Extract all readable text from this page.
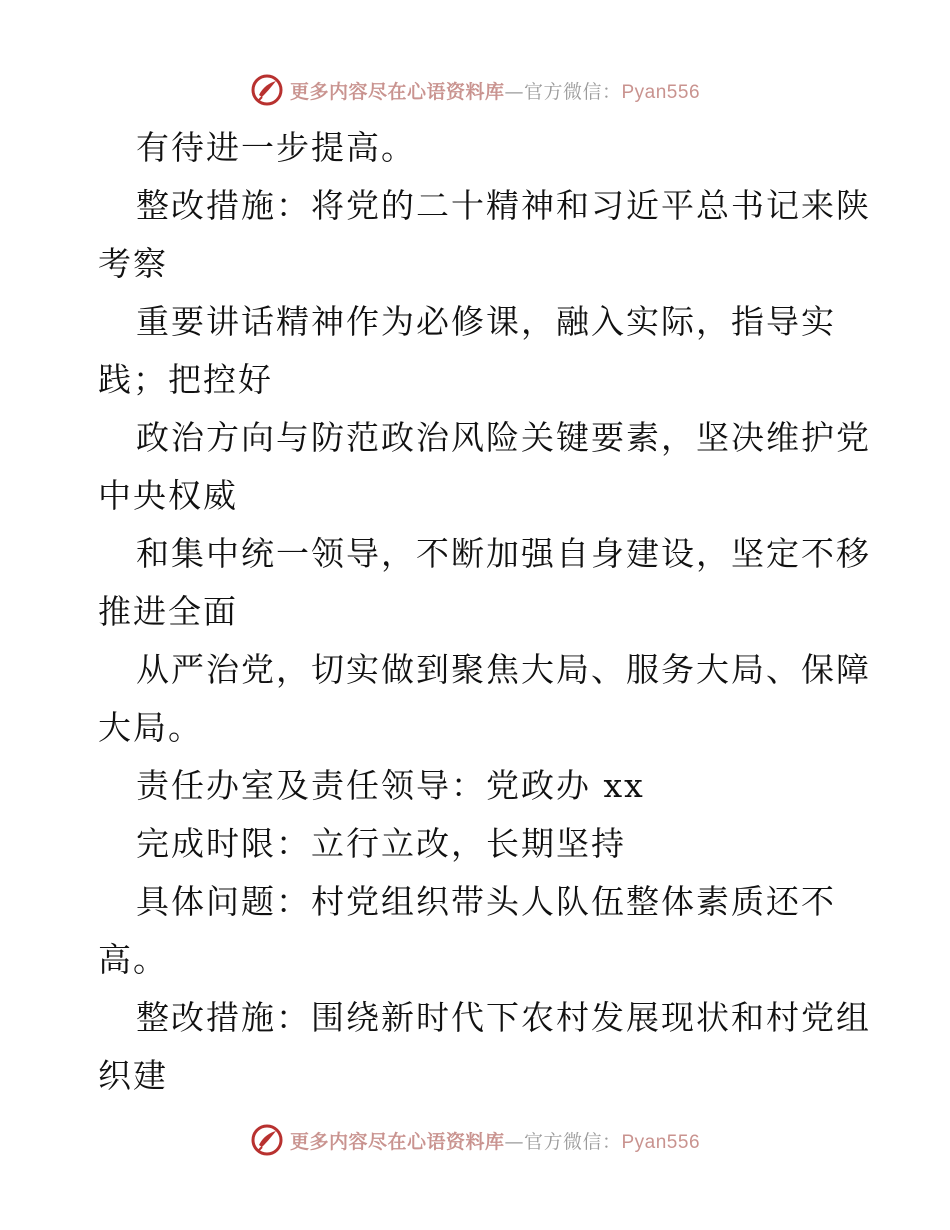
更多内容尽在心语资料库—官方微信：Pyan556
有待进一步提高。
整改措施：将党的二十精神和习近平总书记来陕
考察
重要讲话精神作为必修课，融入实际，指导实
践；把控好
政治方向与防范政治风险关键要素，坚决维护党
中央权威
和集中统一领导，不断加强自身建设，坚定不移
推进全面
从严治党，切实做到聚焦大局、服务大局、保障
大局。
责任办室及责任领导：党政办 xx
完成时限：立行立改，长期坚持
具体问题：村党组织带头人队伍整体素质还不
高。
整改措施：围绕新时代下农村发展现状和村党组
织建
更多内容尽在心语资料库—官方微信：Pyan556
